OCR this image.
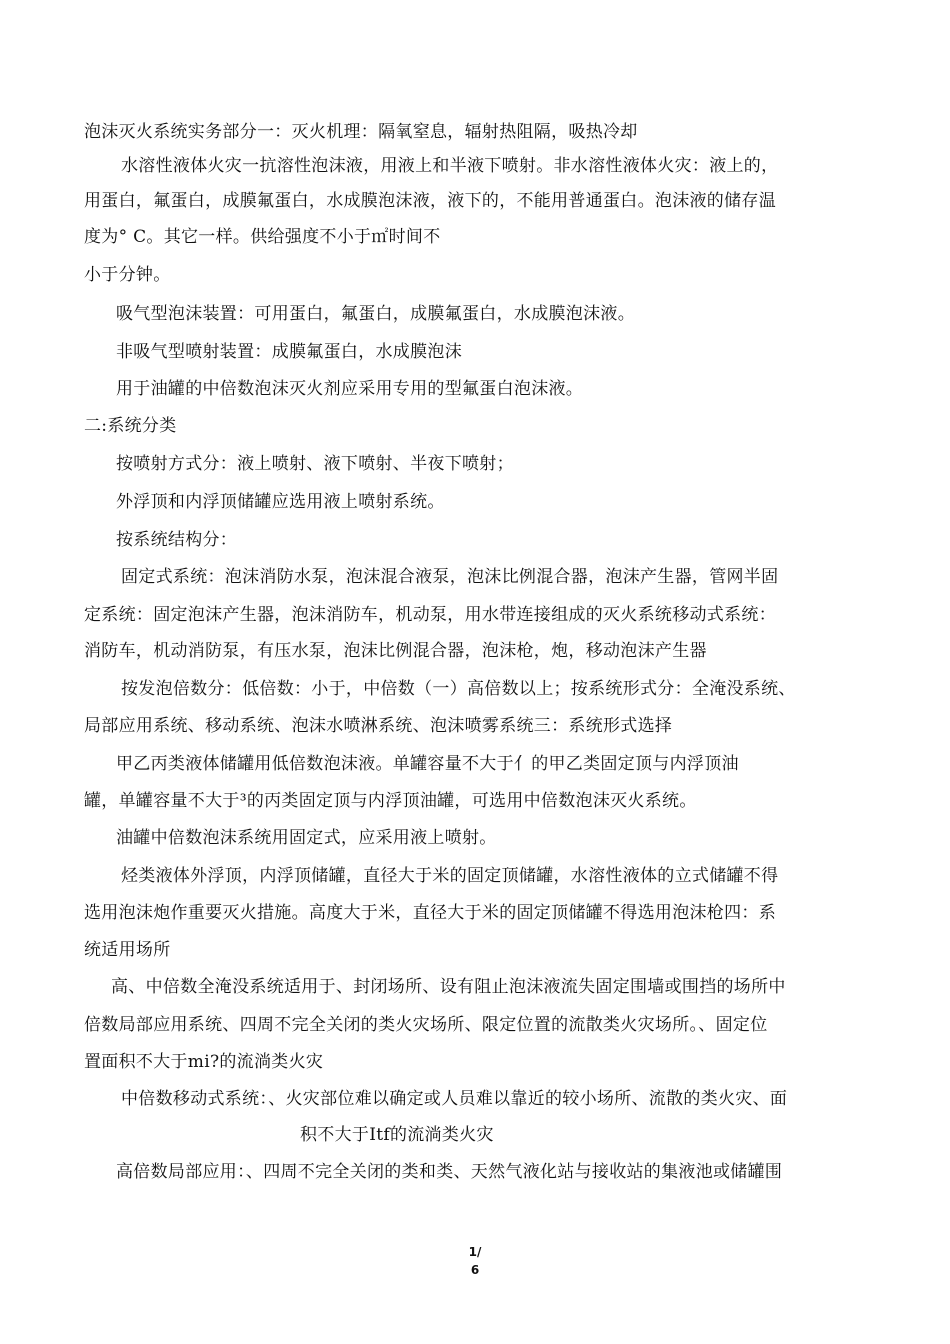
泡沫灭火系统实务部分一：灭火机理：隔氧窒息，辐射热阻隔，吸热冷却

水溶性液体火灾一抗溶性泡沫液，用液上和半液下喷射。非水溶性液体火灾：液上的，

用蛋白，氟蛋白，成膜氟蛋白，水成膜泡沫液，液下的，不能用普通蛋白。泡沫液的储存温

度为° C。其它一样。供给强度不小于㎡时间不

小于分钟。

吸气型泡沫装置：可用蛋白，氟蛋白，成膜氟蛋白，水成膜泡沫液。

非吸气型喷射装置：成膜氟蛋白，水成膜泡沫

用于油罐的中倍数泡沫灭火剂应采用专用的型氟蛋白泡沫液。

二:系统分类

按喷射方式分：液上喷射、液下喷射、半夜下喷射；

外浮顶和内浮顶储罐应选用液上喷射系统。

按系统结构分：

固定式系统：泡沫消防水泵，泡沫混合液泵，泡沫比例混合器，泡沫产生器，管网半固

定系统：固定泡沫产生器，泡沫消防车，机动泵，用水带连接组成的灭火系统移动式系统：

消防车，机动消防泵，有压水泵，泡沫比例混合器，泡沫枪，炮，移动泡沫产生器

按发泡倍数分：低倍数：小于，中倍数（一）高倍数以上；按系统形式分：全淹没系统、

局部应用系统、移动系统、泡沫水喷淋系统、泡沫喷雾系统三：系统形式选择

甲乙丙类液体储罐用低倍数泡沫液。单罐容量不大于亻的甲乙类固定顶与内浮顶油

罐，单罐容量不大于³的丙类固定顶与内浮顶油罐，可选用中倍数泡沫灭火系统。

油罐中倍数泡沫系统用固定式，应采用液上喷射。

烃类液体外浮顶，内浮顶储罐，直径大于米的固定顶储罐，水溶性液体的立式储罐不得

选用泡沫炮作重要灭火措施。高度大于米，直径大于米的固定顶储罐不得选用泡沫枪四：系

统适用场所

高、中倍数全淹没系统适用于、封闭场所、设有阻止泡沫液流失固定围墙或围挡的场所中

倍数局部应用系统、四周不完全关闭的类火灾场所、限定位置的流散类火灾场所。、固定位

置面积不大于mi?的流淌类火灾

中倍数移动式系统：、火灾部位难以确定或人员难以靠近的较小场所、流散的类火灾、面

积不大于Itf的流淌类火灾

高倍数局部应用：、四周不完全关闭的类和类、天然气液化站与接收站的集液池或储罐围

1/
6
